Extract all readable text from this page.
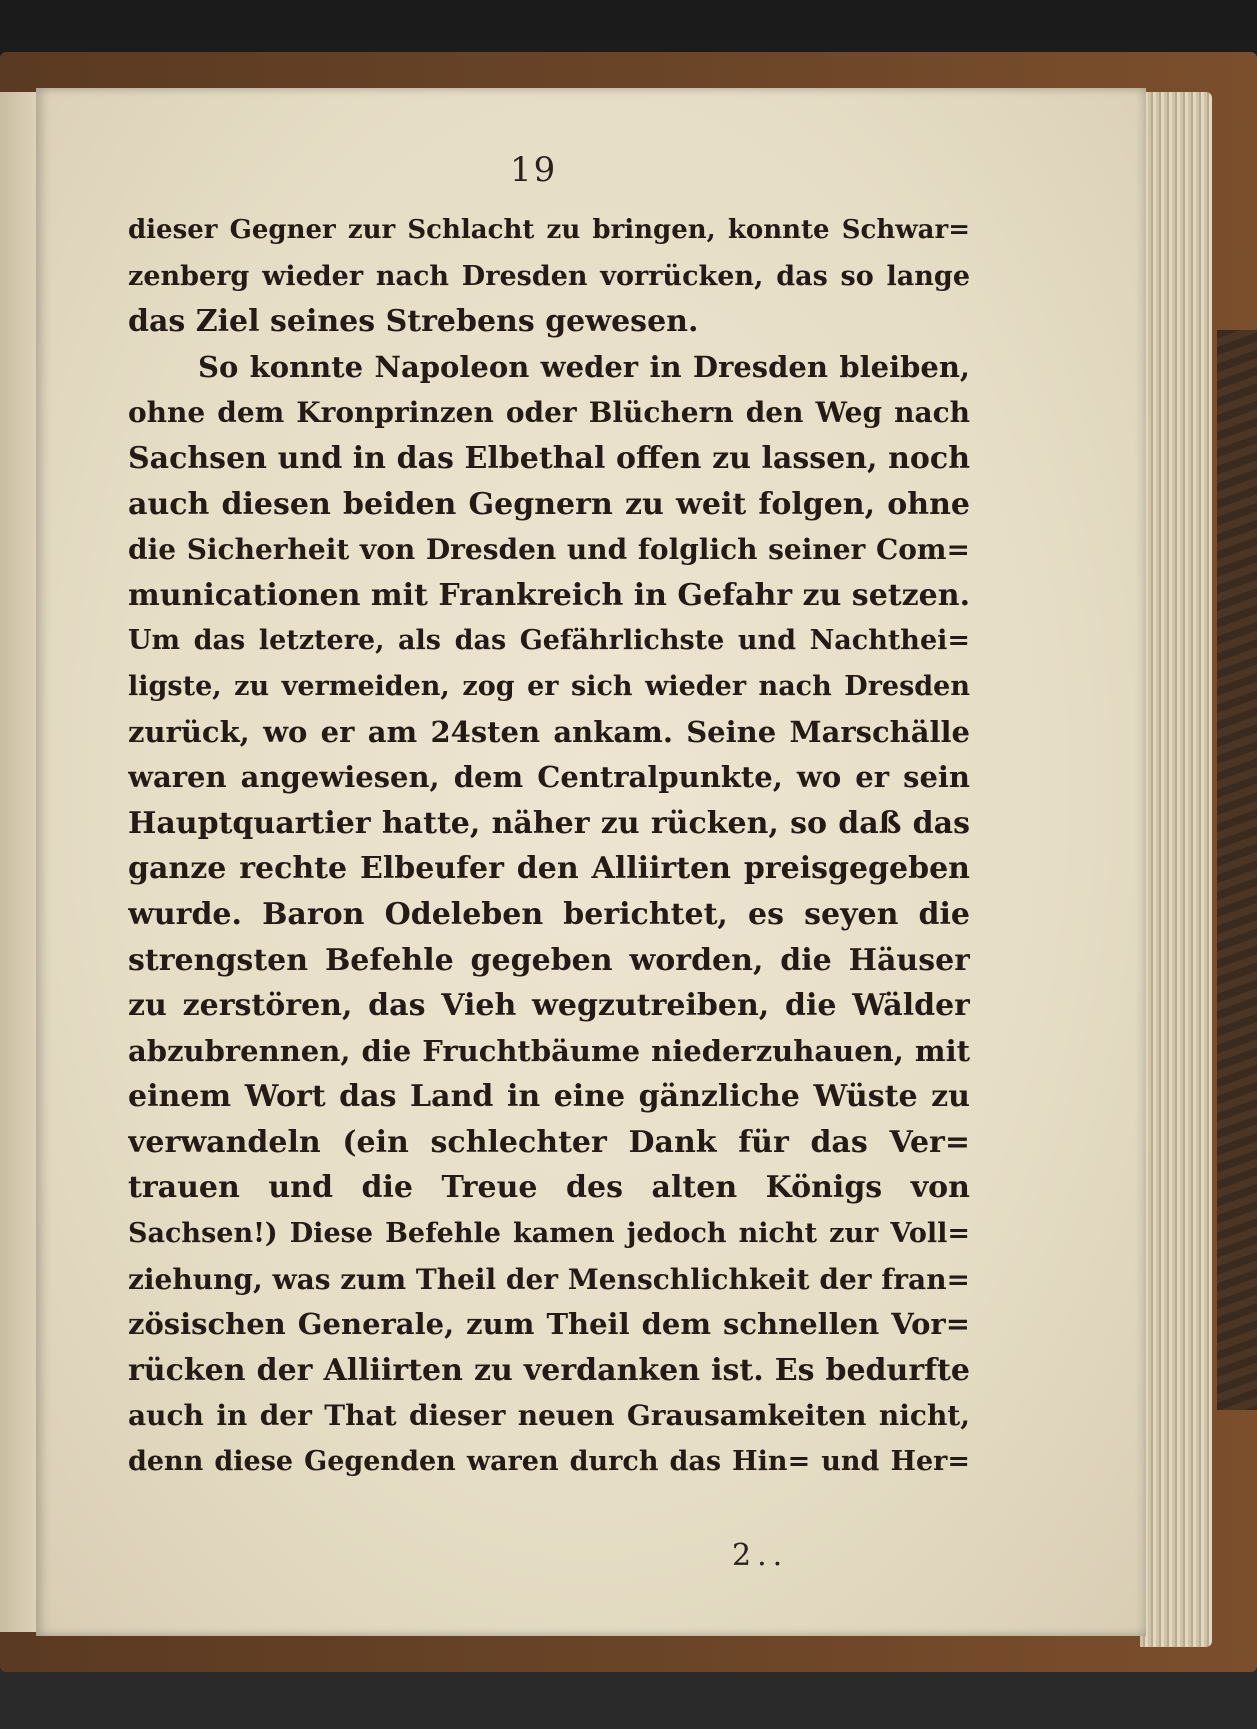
19
dieser Gegner zur Schlacht zu bringen, konnte Schwar=
zenberg wieder nach Dresden vorrücken, das so lange
das Ziel seines Strebens gewesen.
So konnte Napoleon weder in Dresden bleiben,
ohne dem Kronprinzen oder Blüchern den Weg nach
Sachsen und in das Elbethal offen zu lassen, noch
auch diesen beiden Gegnern zu weit folgen, ohne
die Sicherheit von Dresden und folglich seiner Com=
municationen mit Frankreich in Gefahr zu setzen.
Um das letztere, als das Gefährlichste und Nachthei=
ligste, zu vermeiden, zog er sich wieder nach Dresden
zurück, wo er am 24sten ankam. Seine Marschälle
waren angewiesen, dem Centralpunkte, wo er sein
Hauptquartier hatte, näher zu rücken, so daß das
ganze rechte Elbeufer den Alliirten preisgegeben
wurde. Baron Odeleben berichtet, es seyen die
strengsten Befehle gegeben worden, die Häuser
zu zerstören, das Vieh wegzutreiben, die Wälder
abzubrennen, die Fruchtbäume niederzuhauen, mit
einem Wort das Land in eine gänzliche Wüste zu
verwandeln (ein schlechter Dank für das Ver=
trauen und die Treue des alten Königs von
Sachsen!) Diese Befehle kamen jedoch nicht zur Voll=
ziehung, was zum Theil der Menschlichkeit der fran=
zösischen Generale, zum Theil dem schnellen Vor=
rücken der Alliirten zu verdanken ist. Es bedurfte
auch in der That dieser neuen Grausamkeiten nicht,
denn diese Gegenden waren durch das Hin= und Her=
2..
